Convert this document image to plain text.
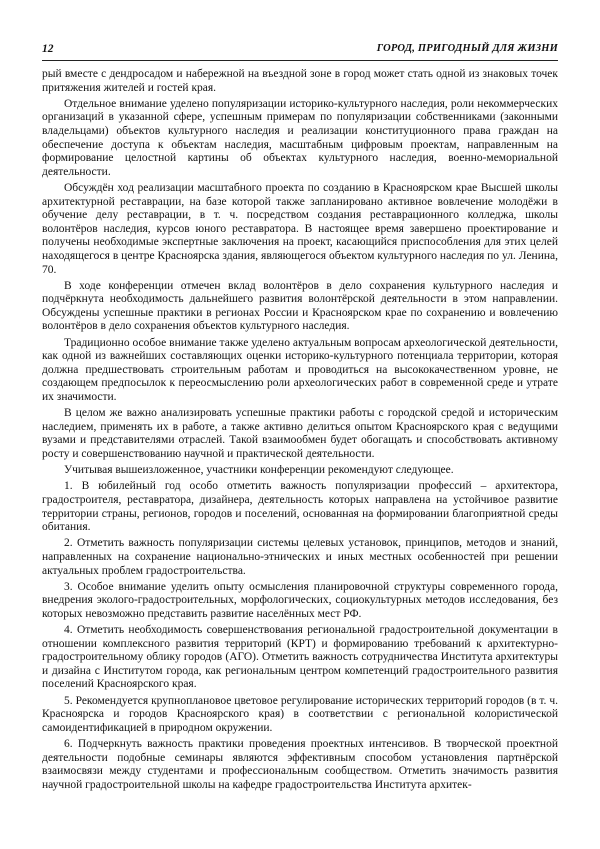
12	ГОРОД, ПРИГОДНЫЙ ДЛЯ ЖИЗНИ

рый вместе с дендросадом и набережной на въездной зоне в город может стать одной из знаковых точек притяжения жителей и гостей края.

Отдельное внимание уделено популяризации историко-культурного наследия, роли некоммерческих организаций в указанной сфере, успешным примерам по популяризации собственниками (законными владельцами) объектов культурного наследия и реализации конституционного права граждан на обеспечение доступа к объектам наследия, масштабным цифровым проектам, направленным на формирование целостной картины об объектах культурного наследия, военно-мемориальной деятельности.

Обсуждён ход реализации масштабного проекта по созданию в Красноярском крае Высшей школы архитектурной реставрации, на базе которой также запланировано активное вовлечение молодёжи в обучение делу реставрации, в т. ч. посредством создания реставрационного колледжа, школы волонтёров наследия, курсов юного реставратора. В настоящее время завершено проектирование и получены необходимые экспертные заключения на проект, касающийся приспособления для этих целей находящегося в центре Красноярска здания, являющегося объектом культурного наследия по ул. Ленина, 70.

В ходе конференции отмечен вклад волонтёров в дело сохранения культурного наследия и подчёркнута необходимость дальнейшего развития волонтёрской деятельности в этом направлении. Обсуждены успешные практики в регионах России и Красноярском крае по сохранению и вовлечению волонтёров в дело сохранения объектов культурного наследия.

Традиционно особое внимание также уделено актуальным вопросам археологической деятельности, как одной из важнейших составляющих оценки историко-культурного потенциала территории, которая должна предшествовать строительным работам и проводиться на высококачественном уровне, не создающем предпосылок к переосмыслению роли археологических работ в современной среде и утрате их значимости.

В целом же важно анализировать успешные практики работы с городской средой и историческим наследием, применять их в работе, а также активно делиться опытом Красноярского края с ведущими вузами и представителями отраслей. Такой взаимообмен будет обогащать и способствовать активному росту и совершенствованию научной и практической деятельности.

Учитывая вышеизложенное, участники конференции рекомендуют следующее.

1. В юбилейный год особо отметить важность популяризации профессий – архитектора, градостроителя, реставратора, дизайнера, деятельность которых направлена на устойчивое развитие территории страны, регионов, городов и поселений, основанная на формировании благоприятной среды обитания.

2. Отметить важность популяризации системы целевых установок, принципов, методов и знаний, направленных на сохранение национально-этнических и иных местных особенностей при решении актуальных проблем градостроительства.

3. Особое внимание уделить опыту осмысления планировочной структуры современного города, внедрения эколого-градостроительных, морфологических, социокультурных методов исследования, без которых невозможно представить развитие населённых мест РФ.

4. Отметить необходимость совершенствования региональной градостроительной документации в отношении комплексного развития территорий (КРТ) и формированию требований к архитектурно-градостроительному облику городов (АГО). Отметить важность сотрудничества Института архитектуры и дизайна с Институтом города, как региональным центром компетенций градостроительного развития поселений Красноярского края.

5. Рекомендуется крупноплановое цветовое регулирование исторических территорий городов (в т. ч. Красноярска и городов Красноярского края) в соответствии с региональной колористической самоидентификацией в природном окружении.

6. Подчеркнуть важность практики проведения проектных интенсивов. В творческой проектной деятельности подобные семинары являются эффективным способом установления партнёрской взаимосвязи между студентами и профессиональным сообществом. Отметить значимость развития научной градостроительной школы на кафедре градостроительства Института архитек-
